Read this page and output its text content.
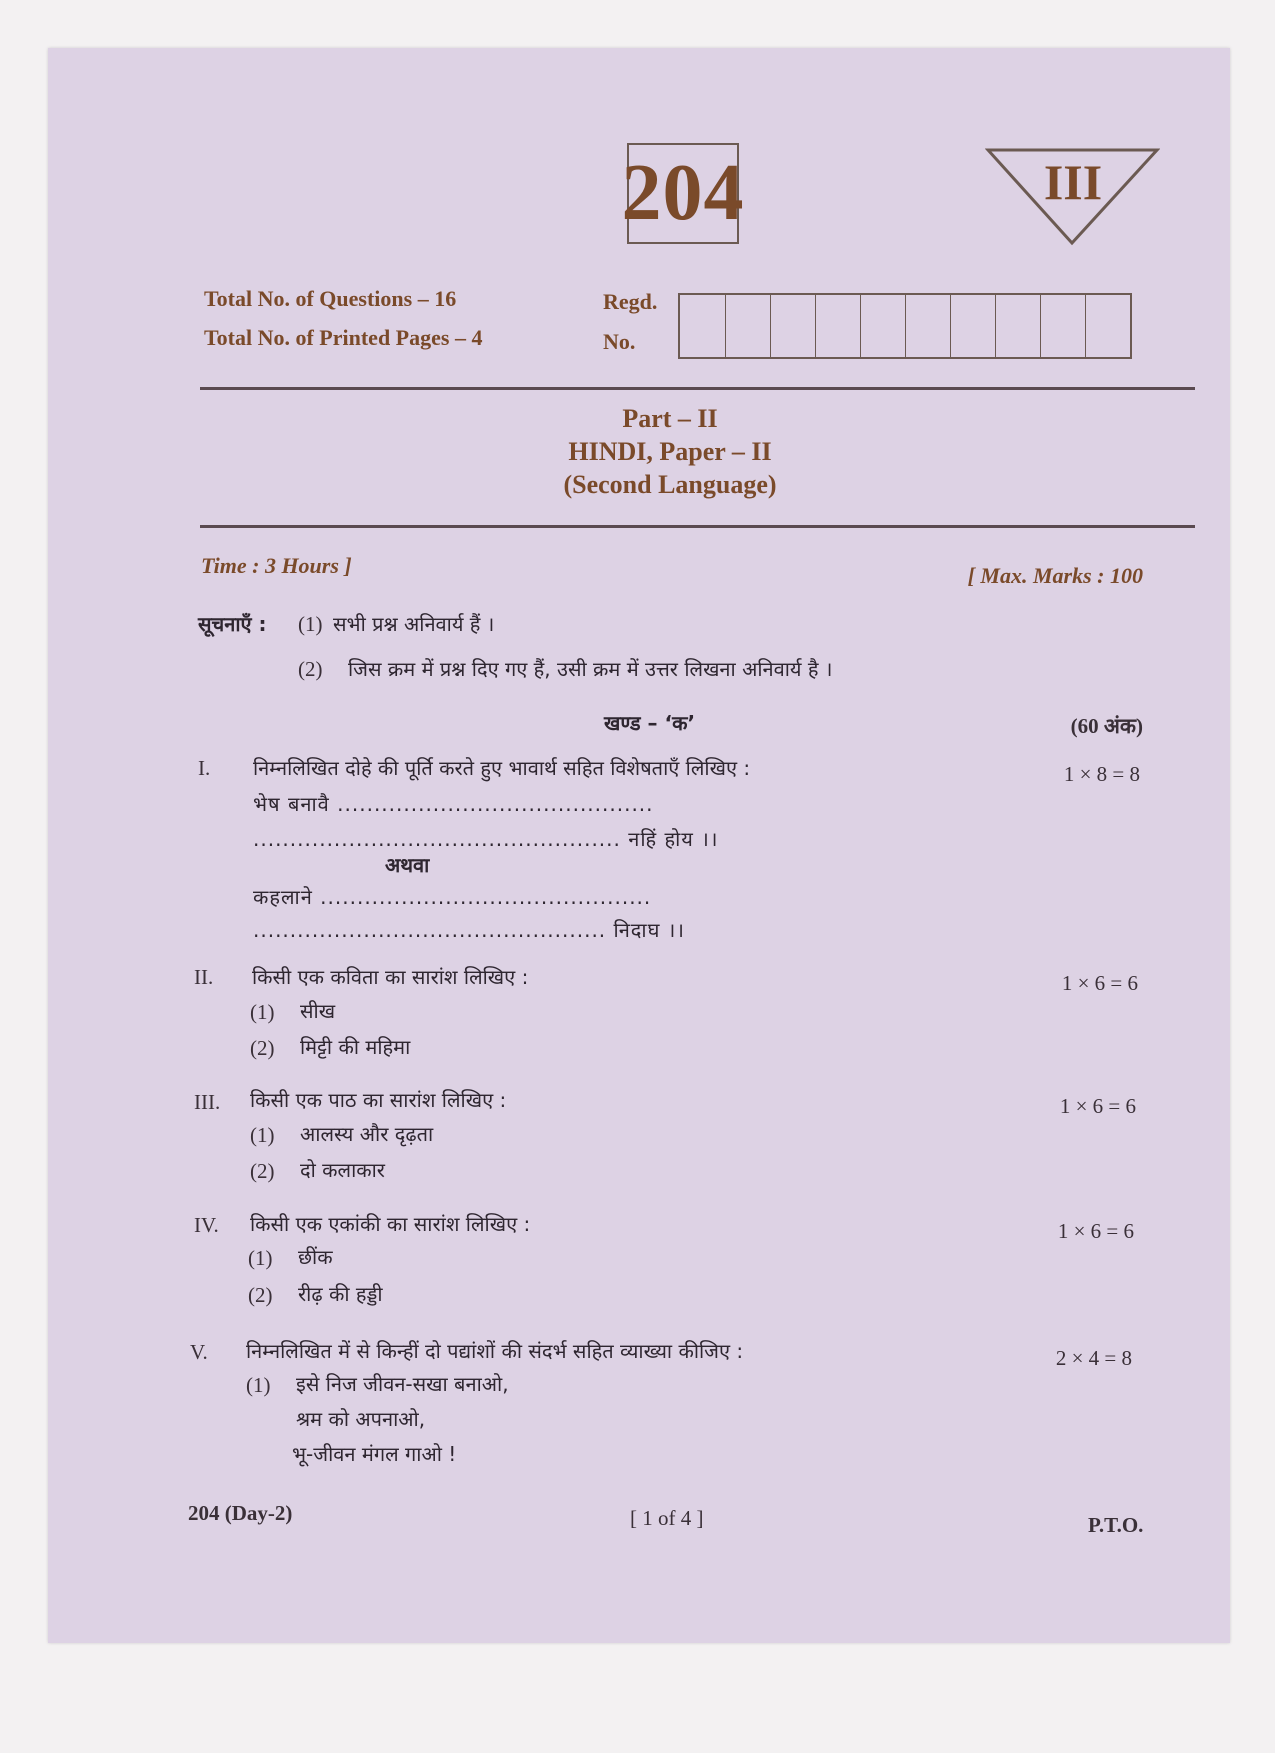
204	III
Total No. of Questions – 16
Total No. of Printed Pages – 4
Regd.
No.
Part – II
HINDI, Paper – II
(Second Language)
Time : 3 Hours ]	[ Max. Marks : 100
सूचनाएँ : (1) सभी प्रश्न अनिवार्य हैं ।
(2) जिस क्रम में प्रश्न दिए गए हैं, उसी क्रम में उत्तर लिखना अनिवार्य है ।
खण्ड – ‘क’	(60 अंक)
I. निम्नलिखित दोहे की पूर्ति करते हुए भावार्थ सहित विशेषताएँ लिखिए :	1 × 8 = 8
भेष बनावै ...........................................
.................................................. नहिं होय ।।
अथवा
कहलाने .............................................
................................................ निदाघ ।।
II. किसी एक कविता का सारांश लिखिए :	1 × 6 = 6
(1) सीख
(2) मिट्टी की महिमा
III. किसी एक पाठ का सारांश लिखिए :	1 × 6 = 6
(1) आलस्य और दृढ़ता
(2) दो कलाकार
IV. किसी एक एकांकी का सारांश लिखिए :	1 × 6 = 6
(1) छींक
(2) रीढ़ की हड्डी
V. निम्नलिखित में से किन्हीं दो पद्यांशों की संदर्भ सहित व्याख्या कीजिए :	2 × 4 = 8
(1) इसे निज जीवन-सखा बनाओ,
श्रम को अपनाओ,
भू-जीवन मंगल गाओ !
204 (Day-2)	[ 1 of 4 ]	P.T.O.
